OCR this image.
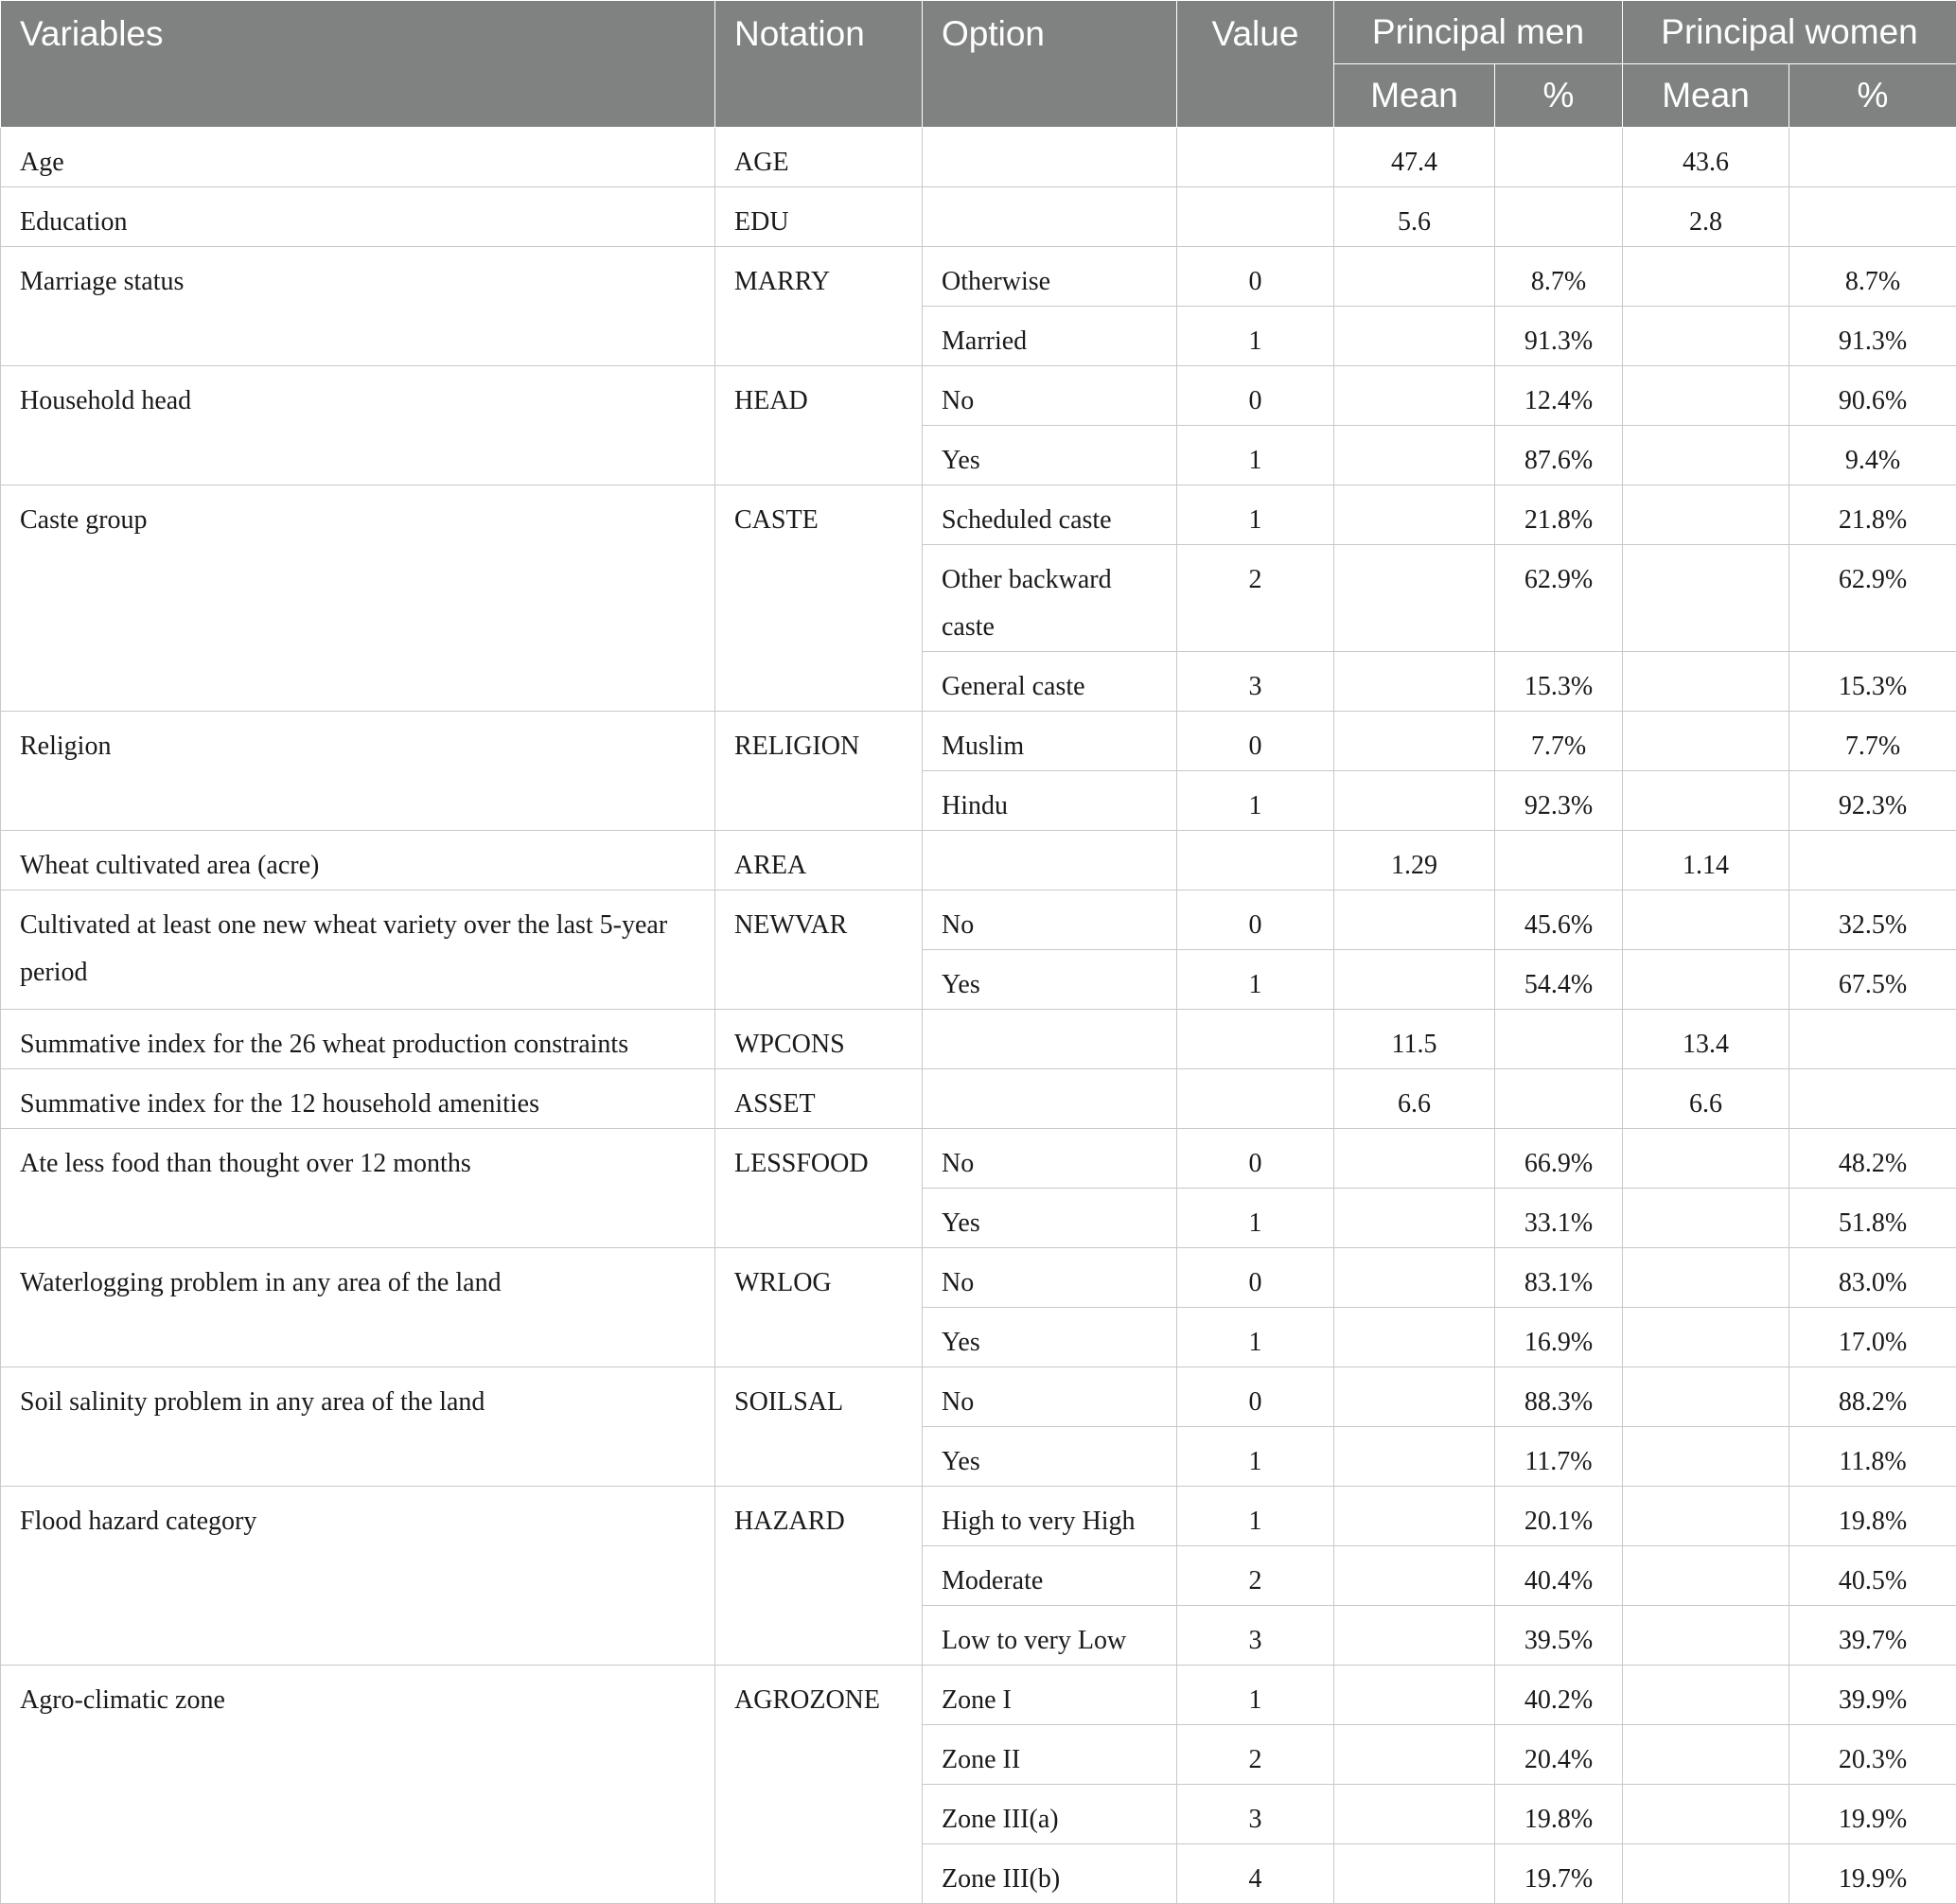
Variables	Notation	Option	Value	Principal men		Principal women	
				Mean	%	Mean	%
Age	AGE			47.4		43.6	
Education	EDU			5.6		2.8	
Marriage status	MARRY	Otherwise	0		8.7%		8.7%
		Married	1		91.3%		91.3%
Household head	HEAD	No	0		12.4%		90.6%
		Yes	1		87.6%		9.4%
Caste group	CASTE	Scheduled caste	1		21.8%		21.8%
		Other backward caste	2		62.9%		62.9%
		General caste	3		15.3%		15.3%
Religion	RELIGION	Muslim	0		7.7%		7.7%
		Hindu	1		92.3%		92.3%
Wheat cultivated area (acre)	AREA			1.29		1.14	
Cultivated at least one new wheat variety over the last 5-year period	NEWVAR	No	0		45.6%		32.5%
		Yes	1		54.4%		67.5%
Summative index for the 26 wheat production constraints	WPCONS			11.5		13.4	
Summative index for the 12 household amenities	ASSET			6.6		6.6	
Ate less food than thought over 12 months	LESSFOOD	No	0		66.9%		48.2%
		Yes	1		33.1%		51.8%
Waterlogging problem in any area of the land	WRLOG	No	0		83.1%		83.0%
		Yes	1		16.9%		17.0%
Soil salinity problem in any area of the land	SOILSAL	No	0		88.3%		88.2%
		Yes	1		11.7%		11.8%
Flood hazard category	HAZARD	High to very High	1		20.1%		19.8%
		Moderate	2		40.4%		40.5%
		Low to very Low	3		39.5%		39.7%
Agro-climatic zone	AGROZONE	Zone I	1		40.2%		39.9%
		Zone II	2		20.4%		20.3%
		Zone III(a)	3		19.8%		19.9%
		Zone III(b)	4		19.7%		19.9%
